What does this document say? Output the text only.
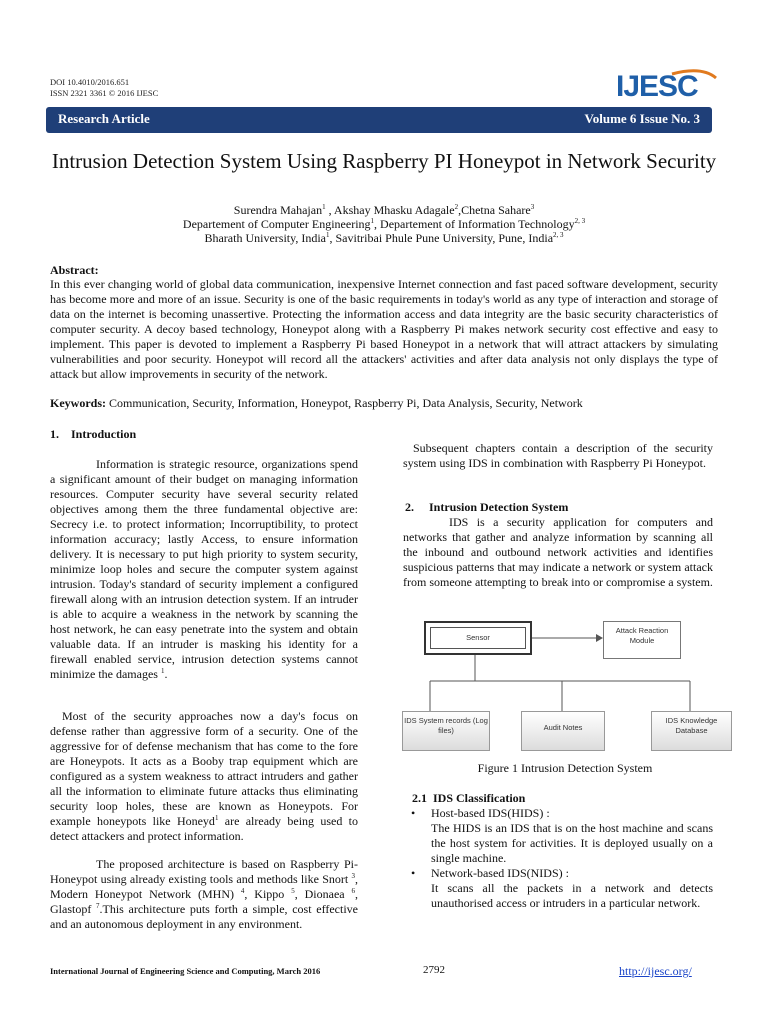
DOI 10.4010/2016.651
ISSN 2321 3361 © 2016 IJESC	IJESC
Research Article	Volume 6 Issue No. 3
Intrusion Detection System Using Raspberry PI Honeypot in Network Security
Surendra Mahajan$^1$ , Akshay Mhasku Adagale$^2$,Chetna Sahare$^3$
Departement of Computer Engineering$^1$, Departement of Information Technology$^{2, 3}$
Bharath University, India$^1$, Savitribai Phule Pune University, Pune, India$^{2, 3}$
Abstract:
In this ever changing world of global data communication, inexpensive Internet connection and fast paced software development, security has become more and more of an issue. Security is one of the basic requirements in today's world as any type of interaction and storage of data on the internet is becoming unassertive. Protecting the information access and data integrity are the basic security characteristics of computer security. A decoy based technology, Honeypot along with a Raspberry Pi makes network security cost effective and easy to implement. This paper is devoted to implement a Raspberry Pi based Honeypot in a network that will attract attackers by simulating vulnerabilities and poor security. Honeypot will record all the attackers' activities and after data analysis not only displays the type of attack but allow improvements in security of the network.
Keywords: Communication, Security, Information, Honeypot, Raspberry Pi, Data Analysis, Security, Network
1.    Introduction

Information is strategic resource, organizations spend a significant amount of their budget on managing information resources. Computer security have several security related objectives among them the three fundamental objective are: Secrecy i.e. to protect information; Incorruptibility, to protect information accuracy; lastly Access, to ensure information delivery. It is necessary to put high priority to system security, minimize loop holes and secure the computer system against intrusion. Today's standard of security implement a configured firewall along with an intrusion detection system. If an intruder is able to acquire a weakness in the network by scanning the host network, he can easy penetrate into the system and obtain valuable data. If an intruder is masking his identity for a firewall enabled service, intrusion detection systems cannot minimize the damages $^1$.

Most of the security approaches now a day's focus on defense rather than aggressive form of a security. One of the aggressive for of defense mechanism that has come to the fore are Honeypots. It acts as a Booby trap equipment which are configured as a system weakness to attract intruders and gather all the information to eliminate future attacks thus eliminating security loop holes, these are known as Honeypots. For example honeypots like Honeyd$^1$ are already being used to detect attackers and protect information.

The proposed architecture is based on Raspberry Pi-Honeypot using already existing tools and methods like Snort $^3$, Modern Honeypot Network (MHN) $^4$, Kippo $^5$, Dionaea $^6$, Glastopf $^7$.This architecture puts forth a simple, cost effective and an autonomous deployment in any environment.

Subsequent chapters contain a description of the security system using IDS in combination with Raspberry Pi Honeypot.

2.     Intrusion Detection System

IDS is a security application for computers and networks that gather and analyze information by scanning all the inbound and outbound network activities and identifies suspicious patterns that may indicate a network or system attack from someone attempting to break into or compromise a system.

Sensor
Attack Reaction Module
IDS System records (Log files)	Audit Notes
IDS Knowledge Database
Figure 1 Intrusion Detection System
2.1  IDS Classification
• Host-based IDS(HIDS) :
The HIDS is an IDS that is on the host machine and scans the host system for activities. It is deployed usually on a single machine.
• Network-based IDS(NIDS) :
It scans all the packets in a network and detects unauthorised access or intruders in a particular network.
International Journal of Engineering Science and Computing, March 2016	2792	http://ijesc.org/
